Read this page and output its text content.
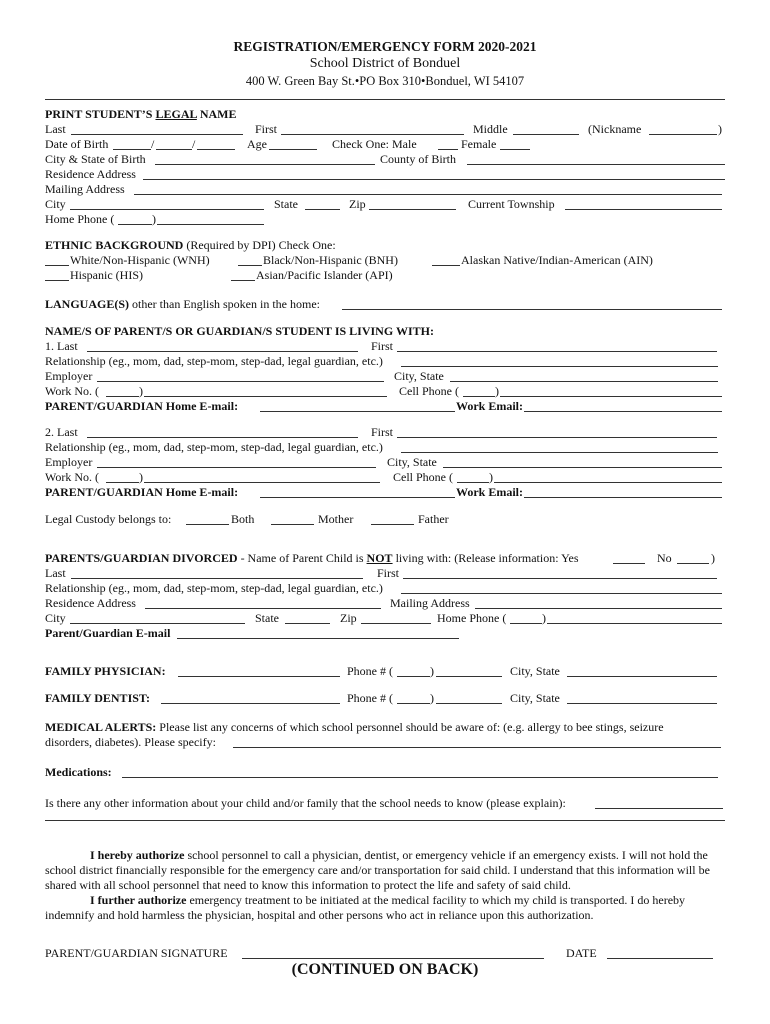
REGISTRATION/EMERGENCY FORM 2020-2021
School District of Bonduel
400 W. Green Bay St.•PO Box 310•Bonduel, WI 54107
PRINT STUDENT’S LEGAL NAME
Last	First	Middle	(Nickname	)
Date of Birth	/	/	Age	Check One: Male	Female
City & State of Birth	County of Birth
Residence Address
Mailing Address
City	State	Zip	Current Township
Home Phone (	)
ETHNIC BACKGROUND (Required by DPI) Check One:
White/Non-Hispanic (WNH)	Black/Non-Hispanic (BNH)	Alaskan Native/Indian-American (AIN)
Hispanic (HIS)	Asian/Pacific Islander (API)
LANGUAGE(S) other than English spoken in the home:
NAME/S OF PARENT/S OR GUARDIAN/S STUDENT IS LIVING WITH:
1. Last	First
Relationship (eg., mom, dad, step-mom, step-dad, legal guardian, etc.)
Employer	City, State
Work No. (	)	Cell Phone (	)
PARENT/GUARDIAN Home E-mail:	Work Email:
2. Last	First
Relationship (eg., mom, dad, step-mom, step-dad, legal guardian, etc.)
Employer	City, State
Work No. (	)	Cell Phone (	)
PARENT/GUARDIAN Home E-mail:	Work Email:
Legal Custody belongs to:	Both	Mother	Father
PARENTS/GUARDIAN DIVORCED - Name of Parent Child is NOT living with: (Release information: Yes	No	)
Last	First
Relationship (eg., mom, dad, step-mom, step-dad, legal guardian, etc.)
Residence Address	Mailing Address
City	State	Zip	Home Phone (	)
Parent/Guardian E-mail
FAMILY PHYSICIAN:	Phone # (	)	City, State
FAMILY DENTIST:	Phone # (	)	City, State
MEDICAL ALERTS: Please list any concerns of which school personnel should be aware of: (e.g. allergy to bee stings, seizure
disorders, diabetes). Please specify:
Medications:
Is there any other information about your child and/or family that the school needs to know (please explain):

I hereby authorize school personnel to call a physician, dentist, or emergency vehicle if an emergency exists. I will not hold the school district financially responsible for the emergency care and/or transportation for said child. I understand that this information will be shared with all school personnel that need to know this information to protect the life and safety of said child.

I further authorize emergency treatment to be initiated at the medical facility to which my child is transported. I do hereby indemnify and hold harmless the physician, hospital and other persons who act in reliance upon this authorization.

PARENT/GUARDIAN SIGNATURE	DATE
(CONTINUED ON BACK)
